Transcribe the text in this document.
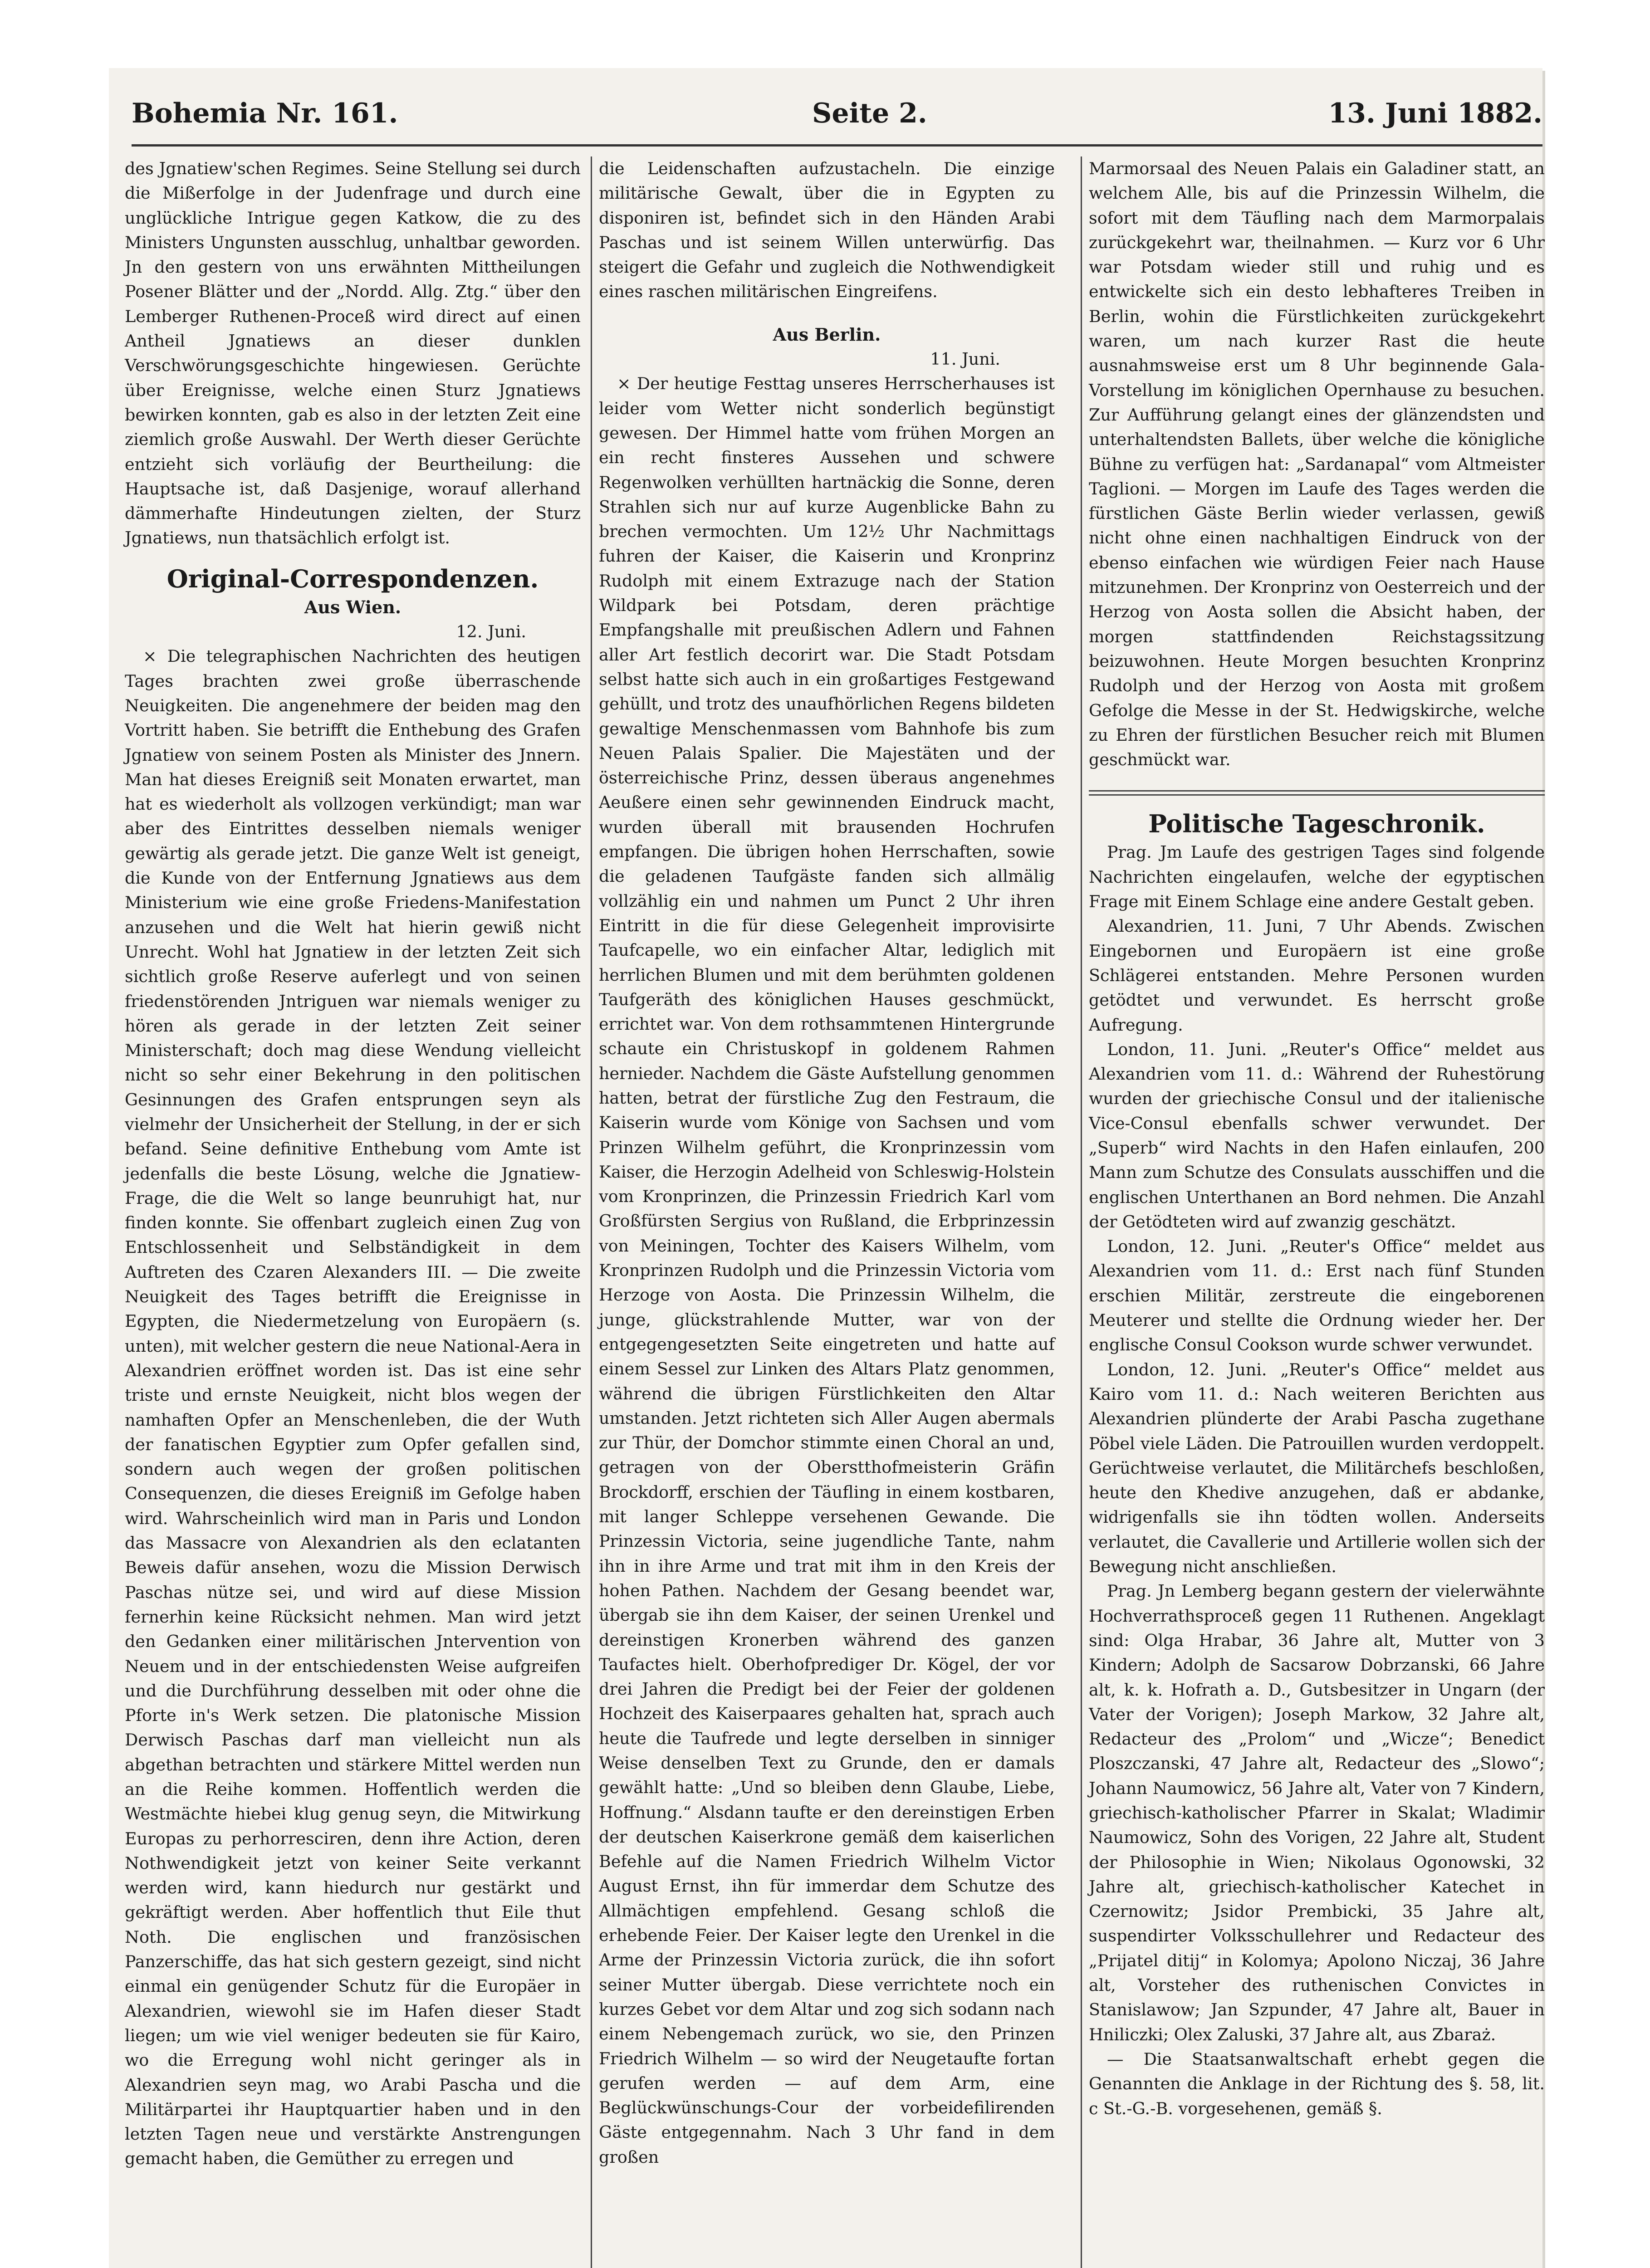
Bohemia Nr. 161.	Seite 2.	13. Juni 1882.

des Jgnatiew'schen Regimes. Seine Stellung sei durch die Mißerfolge in der Judenfrage und durch eine unglückliche Intrigue gegen Katkow, die zu des Ministers Ungunsten ausschlug, unhaltbar geworden. Jn den gestern von uns erwähnten Mittheilungen Posener Blätter und der „Nordd. Allg. Ztg.“ über den Lemberger Ruthenen-Proceß wird direct auf einen Antheil Jgnatiews an dieser dunklen Verschwörungsgeschichte hingewiesen. Gerüchte über Ereignisse, welche einen Sturz Jgnatiews bewirken konnten, gab es also in der letzten Zeit eine ziemlich große Auswahl. Der Werth dieser Gerüchte entzieht sich vorläufig der Beurtheilung: die Hauptsache ist, daß Dasjenige, worauf allerhand dämmerhafte Hindeutungen zielten, der Sturz Jgnatiews, nun thatsächlich erfolgt ist.

Original-Correspondenzen.
Aus Wien.
12. Juni.

× Die telegraphischen Nachrichten des heutigen Tages brachten zwei große überraschende Neuigkeiten. Die angenehmere der beiden mag den Vortritt haben. Sie betrifft die Enthebung des Grafen Jgnatiew von seinem Posten als Minister des Jnnern. Man hat dieses Ereigniß seit Monaten erwartet, man hat es wiederholt als vollzogen verkündigt; man war aber des Eintrittes desselben niemals weniger gewärtig als gerade jetzt. Die ganze Welt ist geneigt, die Kunde von der Entfernung Jgnatiews aus dem Ministerium wie eine große Friedens-Manifestation anzusehen und die Welt hat hierin gewiß nicht Unrecht. Wohl hat Jgnatiew in der letzten Zeit sich sichtlich große Reserve auferlegt und von seinen friedenstörenden Jntriguen war niemals weniger zu hören als gerade in der letzten Zeit seiner Ministerschaft; doch mag diese Wendung vielleicht nicht so sehr einer Bekehrung in den politischen Gesinnungen des Grafen entsprungen seyn als vielmehr der Unsicherheit der Stellung, in der er sich befand. Seine definitive Enthebung vom Amte ist jedenfalls die beste Lösung, welche die Jgnatiew-Frage, die die Welt so lange beunruhigt hat, nur finden konnte. Sie offenbart zugleich einen Zug von Entschlossenheit und Selbständigkeit in dem Auftreten des Czaren Alexanders III. — Die zweite Neuigkeit des Tages betrifft die Ereignisse in Egypten, die Niedermetzelung von Europäern (s. unten), mit welcher gestern die neue National-Aera in Alexandrien eröffnet worden ist. Das ist eine sehr triste und ernste Neuigkeit, nicht blos wegen der namhaften Opfer an Menschenleben, die der Wuth der fanatischen Egyptier zum Opfer gefallen sind, sondern auch wegen der großen politischen Consequenzen, die dieses Ereigniß im Gefolge haben wird. Wahrscheinlich wird man in Paris und London das Massacre von Alexandrien als den eclatanten Beweis dafür ansehen, wozu die Mission Derwisch Paschas nütze sei, und wird auf diese Mission fernerhin keine Rücksicht nehmen. Man wird jetzt den Gedanken einer militärischen Jntervention von Neuem und in der entschiedensten Weise aufgreifen und die Durchführung desselben mit oder ohne die Pforte in's Werk setzen. Die platonische Mission Derwisch Paschas darf man vielleicht nun als abgethan betrachten und stärkere Mittel werden nun an die Reihe kommen. Hoffentlich werden die Westmächte hiebei klug genug seyn, die Mitwirkung Europas zu perhorresciren, denn ihre Action, deren Nothwendigkeit jetzt von keiner Seite verkannt werden wird, kann hiedurch nur gestärkt und gekräftigt werden. Aber hoffentlich thut Eile thut Noth. Die englischen und französischen Panzerschiffe, das hat sich gestern gezeigt, sind nicht einmal ein genügender Schutz für die Europäer in Alexandrien, wiewohl sie im Hafen dieser Stadt liegen; um wie viel weniger bedeuten sie für Kairo, wo die Erregung wohl nicht geringer als in Alexandrien seyn mag, wo Arabi Pascha und die Militärpartei ihr Hauptquartier haben und in den letzten Tagen neue und verstärkte Anstrengungen gemacht haben, die Gemüther zu erregen und

die Leidenschaften aufzustacheln. Die einzige militärische Gewalt, über die in Egypten zu disponiren ist, befindet sich in den Händen Arabi Paschas und ist seinem Willen unterwürfig. Das steigert die Gefahr und zugleich die Nothwendigkeit eines raschen militärischen Eingreifens.

Aus Berlin.
11. Juni.

× Der heutige Festtag unseres Herrscherhauses ist leider vom Wetter nicht sonderlich begünstigt gewesen. Der Himmel hatte vom frühen Morgen an ein recht finsteres Aussehen und schwere Regenwolken verhüllten hartnäckig die Sonne, deren Strahlen sich nur auf kurze Augenblicke Bahn zu brechen vermochten. Um 12½ Uhr Nachmittags fuhren der Kaiser, die Kaiserin und Kronprinz Rudolph mit einem Extrazuge nach der Station Wildpark bei Potsdam, deren prächtige Empfangshalle mit preußischen Adlern und Fahnen aller Art festlich decorirt war. Die Stadt Potsdam selbst hatte sich auch in ein großartiges Festgewand gehüllt, und trotz des unaufhörlichen Regens bildeten gewaltige Menschenmassen vom Bahnhofe bis zum Neuen Palais Spalier. Die Majestäten und der österreichische Prinz, dessen überaus angenehmes Aeußere einen sehr gewinnenden Eindruck macht, wurden überall mit brausenden Hochrufen empfangen. Die übrigen hohen Herrschaften, sowie die geladenen Taufgäste fanden sich allmälig vollzählig ein und nahmen um Punct 2 Uhr ihren Eintritt in die für diese Gelegenheit improvisirte Taufcapelle, wo ein einfacher Altar, lediglich mit herrlichen Blumen und mit dem berühmten goldenen Taufgeräth des königlichen Hauses geschmückt, errichtet war. Von dem rothsammtenen Hintergrunde schaute ein Christuskopf in goldenem Rahmen hernieder. Nachdem die Gäste Aufstellung genommen hatten, betrat der fürstliche Zug den Festraum, die Kaiserin wurde vom Könige von Sachsen und vom Prinzen Wilhelm geführt, die Kronprinzessin vom Kaiser, die Herzogin Adelheid von Schleswig-Holstein vom Kronprinzen, die Prinzessin Friedrich Karl vom Großfürsten Sergius von Rußland, die Erbprinzessin von Meiningen, Tochter des Kaisers Wilhelm, vom Kronprinzen Rudolph und die Prinzessin Victoria vom Herzoge von Aosta. Die Prinzessin Wilhelm, die junge, glückstrahlende Mutter, war von der entgegengesetzten Seite eingetreten und hatte auf einem Sessel zur Linken des Altars Platz genommen, während die übrigen Fürstlichkeiten den Altar umstanden. Jetzt richteten sich Aller Augen abermals zur Thür, der Domchor stimmte einen Choral an und, getragen von der Oberstthofmeisterin Gräfin Brockdorff, erschien der Täufling in einem kostbaren, mit langer Schleppe versehenen Gewande. Die Prinzessin Victoria, seine jugendliche Tante, nahm ihn in ihre Arme und trat mit ihm in den Kreis der hohen Pathen. Nachdem der Gesang beendet war, übergab sie ihn dem Kaiser, der seinen Urenkel und dereinstigen Kronerben während des ganzen Taufactes hielt. Oberhofprediger Dr. Kögel, der vor drei Jahren die Predigt bei der Feier der goldenen Hochzeit des Kaiserpaares gehalten hat, sprach auch heute die Taufrede und legte derselben in sinniger Weise denselben Text zu Grunde, den er damals gewählt hatte: „Und so bleiben denn Glaube, Liebe, Hoffnung.“ Alsdann taufte er den dereinstigen Erben der deutschen Kaiserkrone gemäß dem kaiserlichen Befehle auf die Namen Friedrich Wilhelm Victor August Ernst, ihn für immerdar dem Schutze des Allmächtigen empfehlend. Gesang schloß die erhebende Feier. Der Kaiser legte den Urenkel in die Arme der Prinzessin Victoria zurück, die ihn sofort seiner Mutter übergab. Diese verrichtete noch ein kurzes Gebet vor dem Altar und zog sich sodann nach einem Nebengemach zurück, wo sie, den Prinzen Friedrich Wilhelm — so wird der Neugetaufte fortan gerufen werden — auf dem Arm, eine Beglückwünschungs-Cour der vorbeidefilirenden Gäste entgegennahm. Nach 3 Uhr fand in dem großen

Marmorsaal des Neuen Palais ein Galadiner statt, an welchem Alle, bis auf die Prinzessin Wilhelm, die sofort mit dem Täufling nach dem Marmorpalais zurückgekehrt war, theilnahmen. — Kurz vor 6 Uhr war Potsdam wieder still und ruhig und es entwickelte sich ein desto lebhafteres Treiben in Berlin, wohin die Fürstlichkeiten zurückgekehrt waren, um nach kurzer Rast die heute ausnahmsweise erst um 8 Uhr beginnende Gala-Vorstellung im königlichen Opernhause zu besuchen. Zur Aufführung gelangt eines der glänzendsten und unterhaltendsten Ballets, über welche die königliche Bühne zu verfügen hat: „Sardanapal“ vom Altmeister Taglioni. — Morgen im Laufe des Tages werden die fürstlichen Gäste Berlin wieder verlassen, gewiß nicht ohne einen nachhaltigen Eindruck von der ebenso einfachen wie würdigen Feier nach Hause mitzunehmen. Der Kronprinz von Oesterreich und der Herzog von Aosta sollen die Absicht haben, der morgen stattfindenden Reichstagssitzung beizuwohnen. Heute Morgen besuchten Kronprinz Rudolph und der Herzog von Aosta mit großem Gefolge die Messe in der St. Hedwigskirche, welche zu Ehren der fürstlichen Besucher reich mit Blumen geschmückt war.

Politische Tageschronik.

Prag. Jm Laufe des gestrigen Tages sind folgende Nachrichten eingelaufen, welche der egyptischen Frage mit Einem Schlage eine andere Gestalt geben.

Alexandrien, 11. Juni, 7 Uhr Abends. Zwischen Eingebornen und Europäern ist eine große Schlägerei entstanden. Mehre Personen wurden getödtet und verwundet. Es herrscht große Aufregung.

London, 11. Juni. „Reuter's Office“ meldet aus Alexandrien vom 11. d.: Während der Ruhestörung wurden der griechische Consul und der italienische Vice-Consul ebenfalls schwer verwundet. Der „Superb“ wird Nachts in den Hafen einlaufen, 200 Mann zum Schutze des Consulats ausschiffen und die englischen Unterthanen an Bord nehmen. Die Anzahl der Getödteten wird auf zwanzig geschätzt.

London, 12. Juni. „Reuter's Office“ meldet aus Alexandrien vom 11. d.: Erst nach fünf Stunden erschien Militär, zerstreute die eingeborenen Meuterer und stellte die Ordnung wieder her. Der englische Consul Cookson wurde schwer verwundet.

London, 12. Juni. „Reuter's Office“ meldet aus Kairo vom 11. d.: Nach weiteren Berichten aus Alexandrien plünderte der Arabi Pascha zugethane Pöbel viele Läden. Die Patrouillen wurden verdoppelt. Gerüchtweise verlautet, die Militärchefs beschloßen, heute den Khedive anzugehen, daß er abdanke, widrigenfalls sie ihn tödten wollen. Anderseits verlautet, die Cavallerie und Artillerie wollen sich der Bewegung nicht anschließen.

Prag. Jn Lemberg begann gestern der vielerwähnte Hochverrathsproceß gegen 11 Ruthenen. Angeklagt sind: Olga Hrabar, 36 Jahre alt, Mutter von 3 Kindern; Adolph de Sacsarow Dobrzanski, 66 Jahre alt, k. k. Hofrath a. D., Gutsbesitzer in Ungarn (der Vater der Vorigen); Joseph Markow, 32 Jahre alt, Redacteur des „Prolom“ und „Wicze“; Benedict Ploszczanski, 47 Jahre alt, Redacteur des „Slowo“; Johann Naumowicz, 56 Jahre alt, Vater von 7 Kindern, griechisch-katholischer Pfarrer in Skalat; Wladimir Naumowicz, Sohn des Vorigen, 22 Jahre alt, Student der Philosophie in Wien; Nikolaus Ogonowski, 32 Jahre alt, griechisch-katholischer Katechet in Czernowitz; Jsidor Prembicki, 35 Jahre alt, suspendirter Volksschullehrer und Redacteur des „Prijatel ditij“ in Kolomya; Apolono Niczaj, 36 Jahre alt, Vorsteher des ruthenischen Convictes in Stanislawow; Jan Szpunder, 47 Jahre alt, Bauer in Hniliczki; Olex Zaluski, 37 Jahre alt, aus Zbaraż.

— Die Staatsanwaltschaft erhebt gegen die Genannten die Anklage in der Richtung des §. 58, lit. c St.-G.-B. vorgesehenen, gemäß §.
